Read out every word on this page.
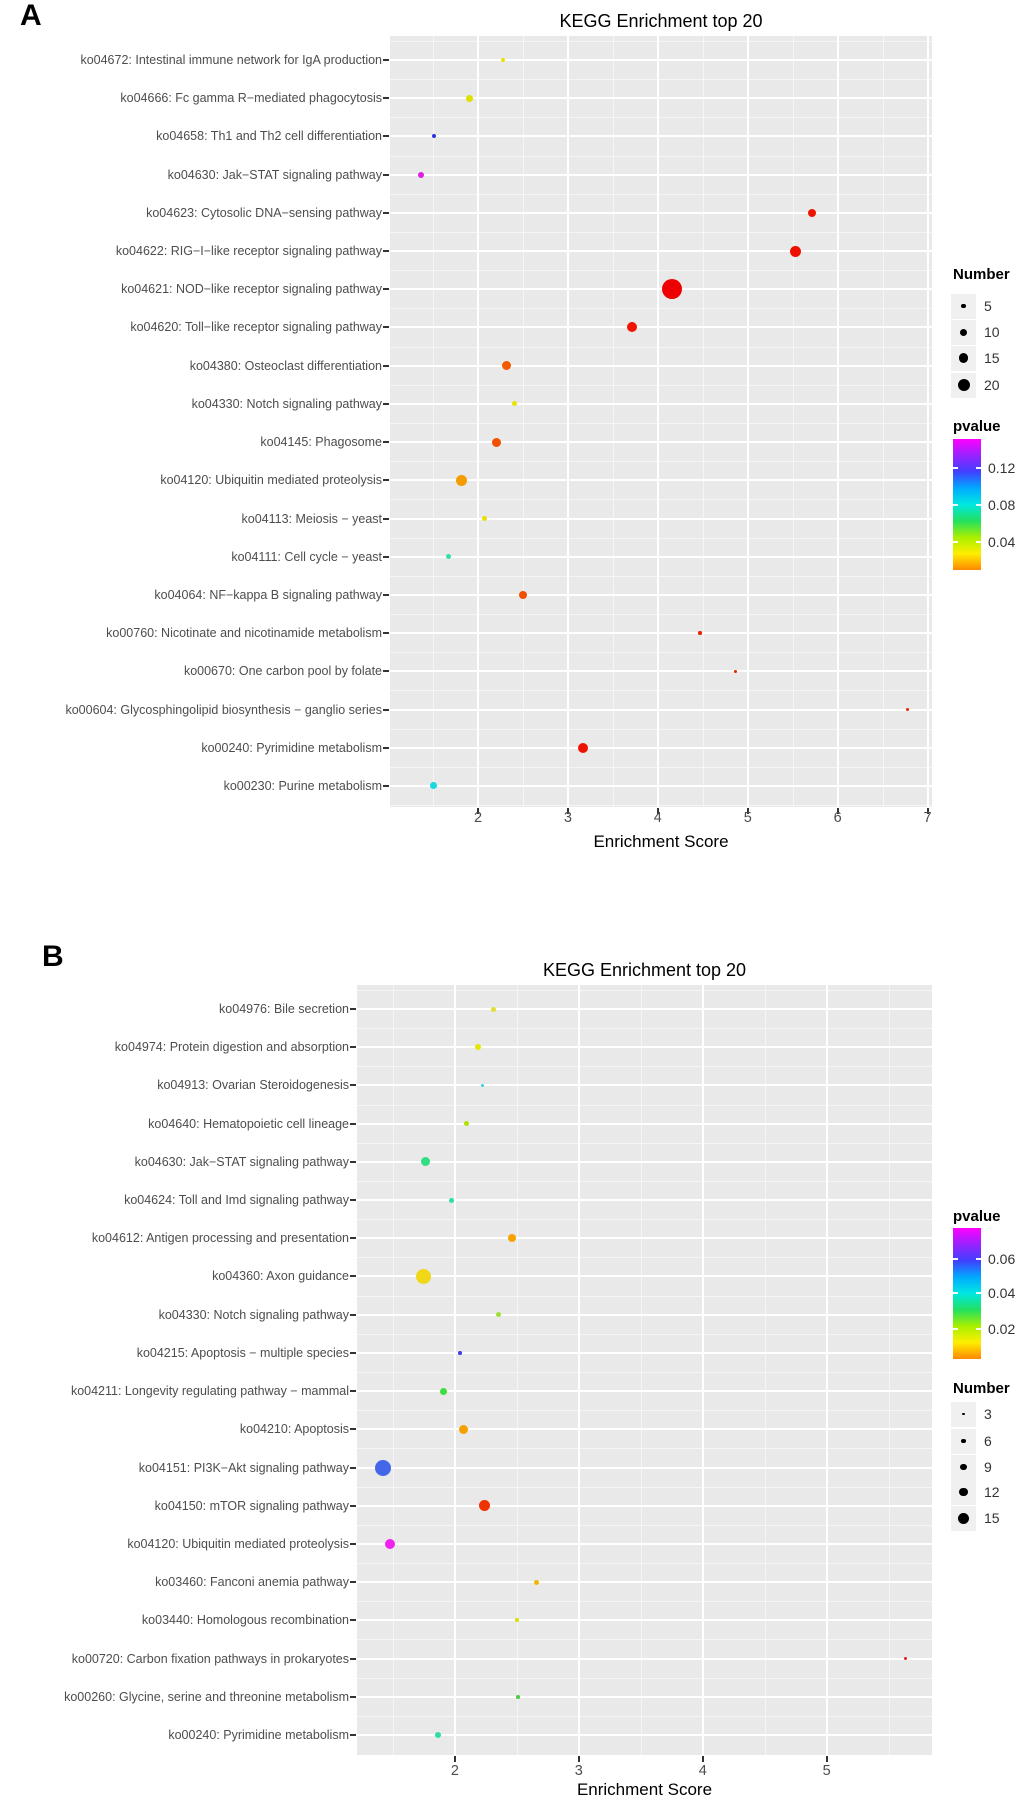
A	KEGG Enrichment top 20
ko04672: Intestinal immune network for IgA production
ko04666: Fc gamma R−mediated phagocytosis
ko04658: Th1 and Th2 cell differentiation
ko04630: Jak−STAT signaling pathway
ko04623: Cytosolic DNA−sensing pathway
ko04622: RIG−I−like receptor signaling pathway
ko04621: NOD−like receptor signaling pathway
ko04620: Toll−like receptor signaling pathway
ko04380: Osteoclast differentiation
ko04330: Notch signaling pathway
ko04145: Phagosome
ko04120: Ubiquitin mediated proteolysis
ko04113: Meiosis − yeast
ko04111: Cell cycle − yeast
ko04064: NF−kappa B signaling pathway
ko00760: Nicotinate and nicotinamide metabolism
ko00670: One carbon pool by folate
ko00604: Glycosphingolipid biosynthesis − ganglio series
ko00240: Pyrimidine metabolism
ko00230: Purine metabolism
2	3	4	5	6	7
Enrichment Score
Number
5
10
15
20
pvalue
0.12
0.08
0.04
B	KEGG Enrichment top 20
ko04976: Bile secretion
ko04974: Protein digestion and absorption
ko04913: Ovarian Steroidogenesis
ko04640: Hematopoietic cell lineage
ko04630: Jak−STAT signaling pathway
ko04624: Toll and Imd signaling pathway
ko04612: Antigen processing and presentation
ko04360: Axon guidance
ko04330: Notch signaling pathway
ko04215: Apoptosis − multiple species
ko04211: Longevity regulating pathway − mammal
ko04210: Apoptosis
ko04151: PI3K−Akt signaling pathway
ko04150: mTOR signaling pathway
ko04120: Ubiquitin mediated proteolysis
ko03460: Fanconi anemia pathway
ko03440: Homologous recombination
ko00720: Carbon fixation pathways in prokaryotes
ko00260: Glycine, serine and threonine metabolism
ko00240: Pyrimidine metabolism
2	3	4	5
Enrichment Score
pvalue
0.06
0.04
0.02
Number
3
6
9
12
15
